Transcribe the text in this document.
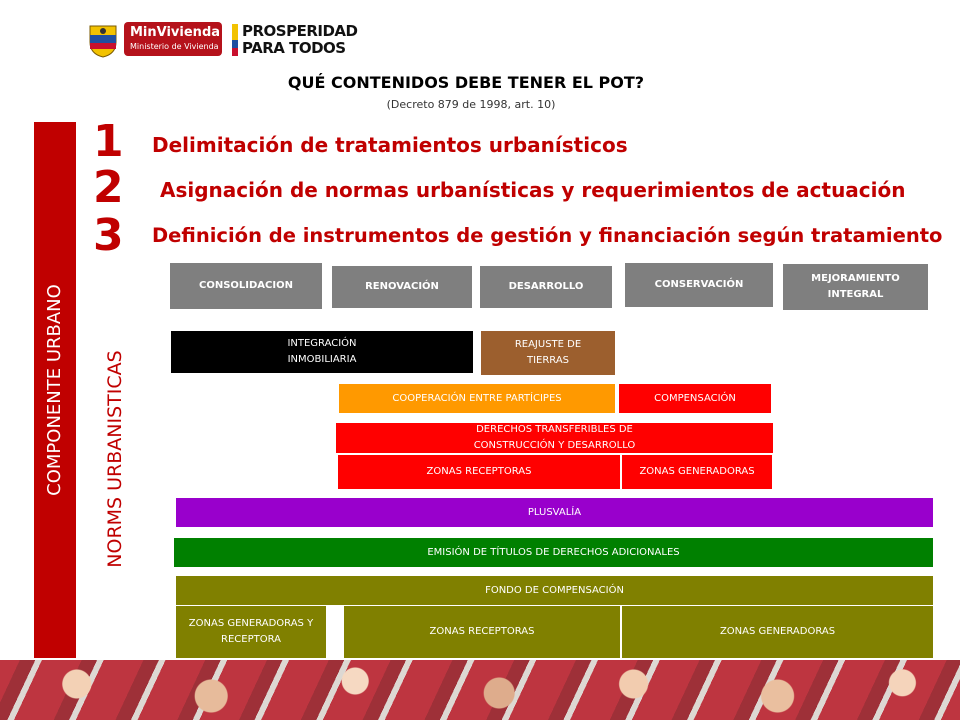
MinVivienda
Ministerio de Vivienda
PROSPERIDAD
PARA TODOS
QUÉ CONTENIDOS DEBE TENER EL POT?
(Decreto 879 de 1998, art. 10)
COMPONENTE URBANO NORMS URBANISTICAS
1 Delimitación de tratamientos urbanísticos
2 Asignación de normas urbanísticas y requerimientos de actuación
3 Definición de instrumentos de gestión y financiación según tratamiento
CONSOLIDACION	RENOVACIÓN	DESARROLLO	CONSERVACIÓN
MEJORAMIENTO INTEGRAL
INTEGRACIÓN INMOBILIARIA
REAJUSTE DE TIERRAS
COOPERACIÓN ENTRE PARTÍCIPES	COMPENSACIÓN
DERECHOS TRANSFERIBLES DE CONSTRUCCIÓN Y DESARROLLO
ZONAS RECEPTORAS	ZONAS GENERADORAS
PLUSVALÍA
EMISIÓN DE TÍTULOS DE DERECHOS ADICIONALES
FONDO DE COMPENSACIÓN
ZONAS GENERADORAS Y RECEPTORA
ZONAS RECEPTORAS	ZONAS GENERADORAS
